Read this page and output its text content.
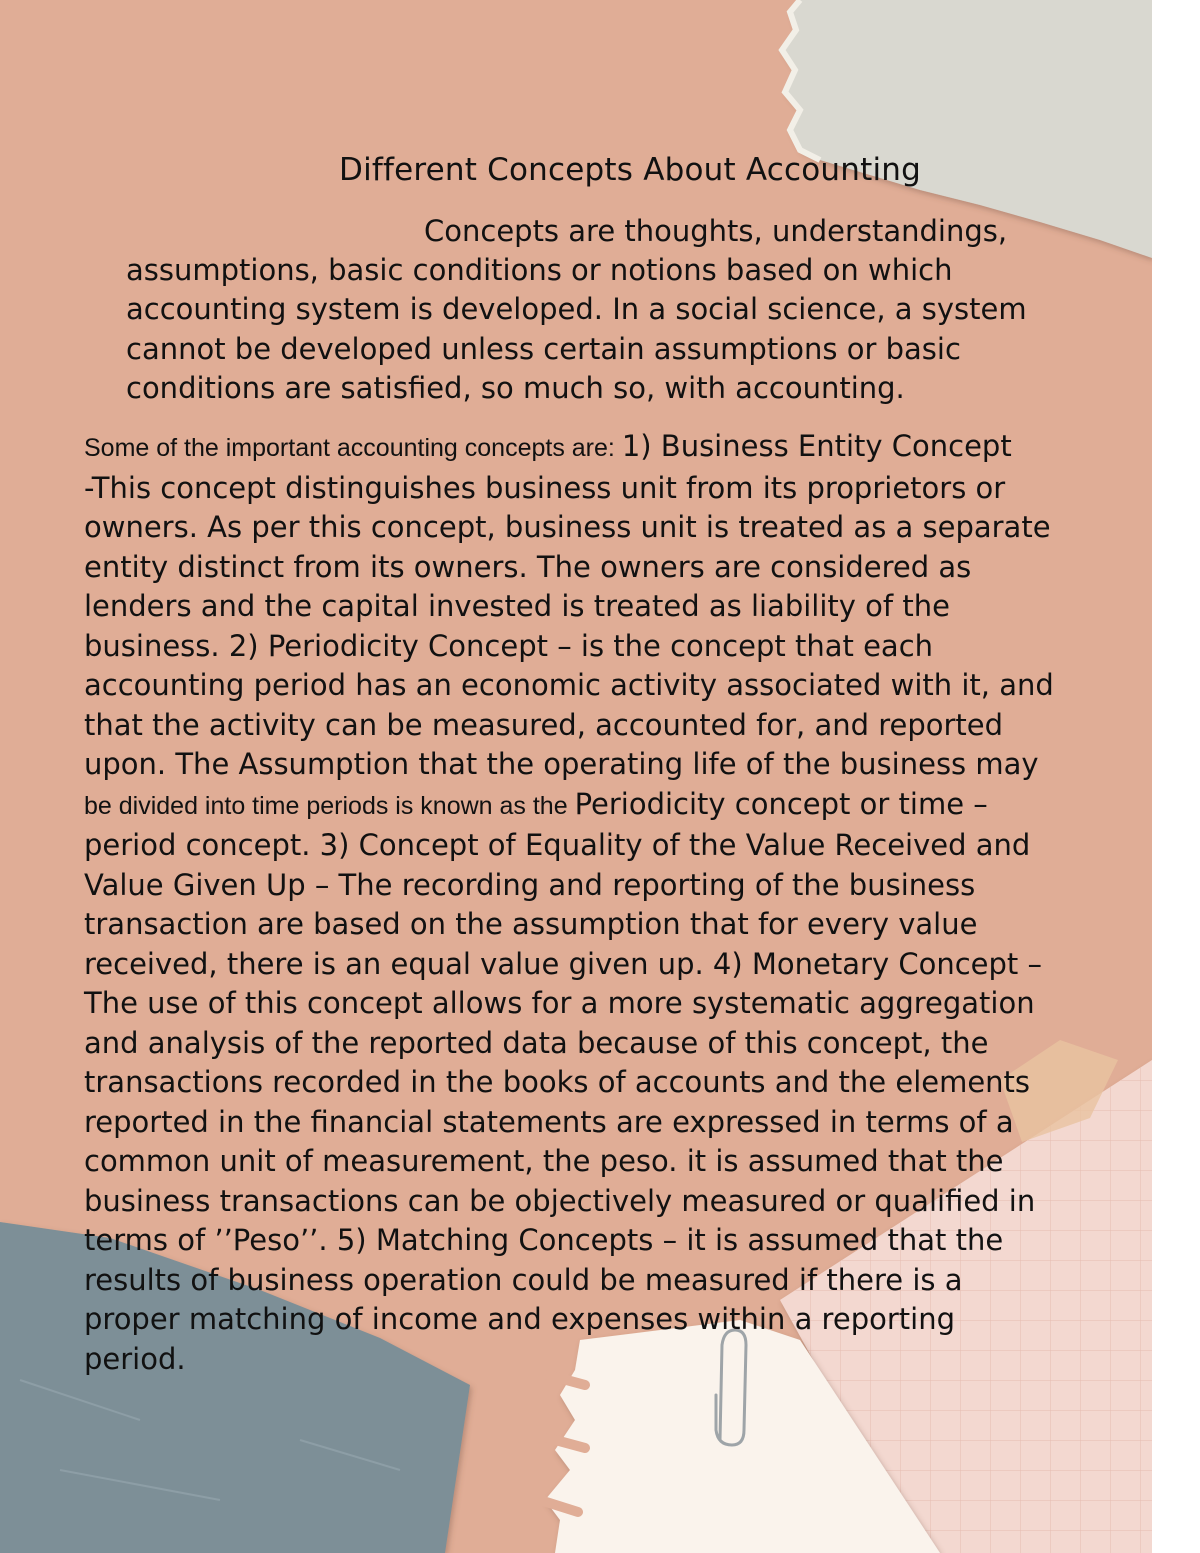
Different Concepts About Accounting
Concepts are thoughts, understandings,
assumptions, basic conditions or notions based on which
accounting system is developed. In a social science, a system
cannot be developed unless certain assumptions or basic
conditions are satisfied, so much so, with accounting.
Some of the important accounting concepts are: 1) Business Entity Concept
-This concept distinguishes business unit from its proprietors or
owners. As per this concept, business unit is treated as a separate
entity distinct from its owners. The owners are considered as
lenders and the capital invested is treated as liability of the
business. 2) Periodicity Concept – is the concept that each
accounting period has an economic activity associated with it, and
that the activity can be measured, accounted for, and reported
upon. The Assumption that the operating life of the business may
be divided into time periods is known as the Periodicity concept or time –
period concept. 3) Concept of Equality of the Value Received and
Value Given Up – The recording and reporting of the business
transaction are based on the assumption that for every value
received, there is an equal value given up. 4) Monetary Concept –
The use of this concept allows for a more systematic aggregation
and analysis of the reported data because of this concept, the
transactions recorded in the books of accounts and the elements
reported in the financial statements are expressed in terms of a
common unit of measurement, the peso. it is assumed that the
business transactions can be objectively measured or qualified in
terms of ’’Peso’’. 5) Matching Concepts – it is assumed that the
results of business operation could be measured if there is a
proper matching of income and expenses within a reporting
period.
